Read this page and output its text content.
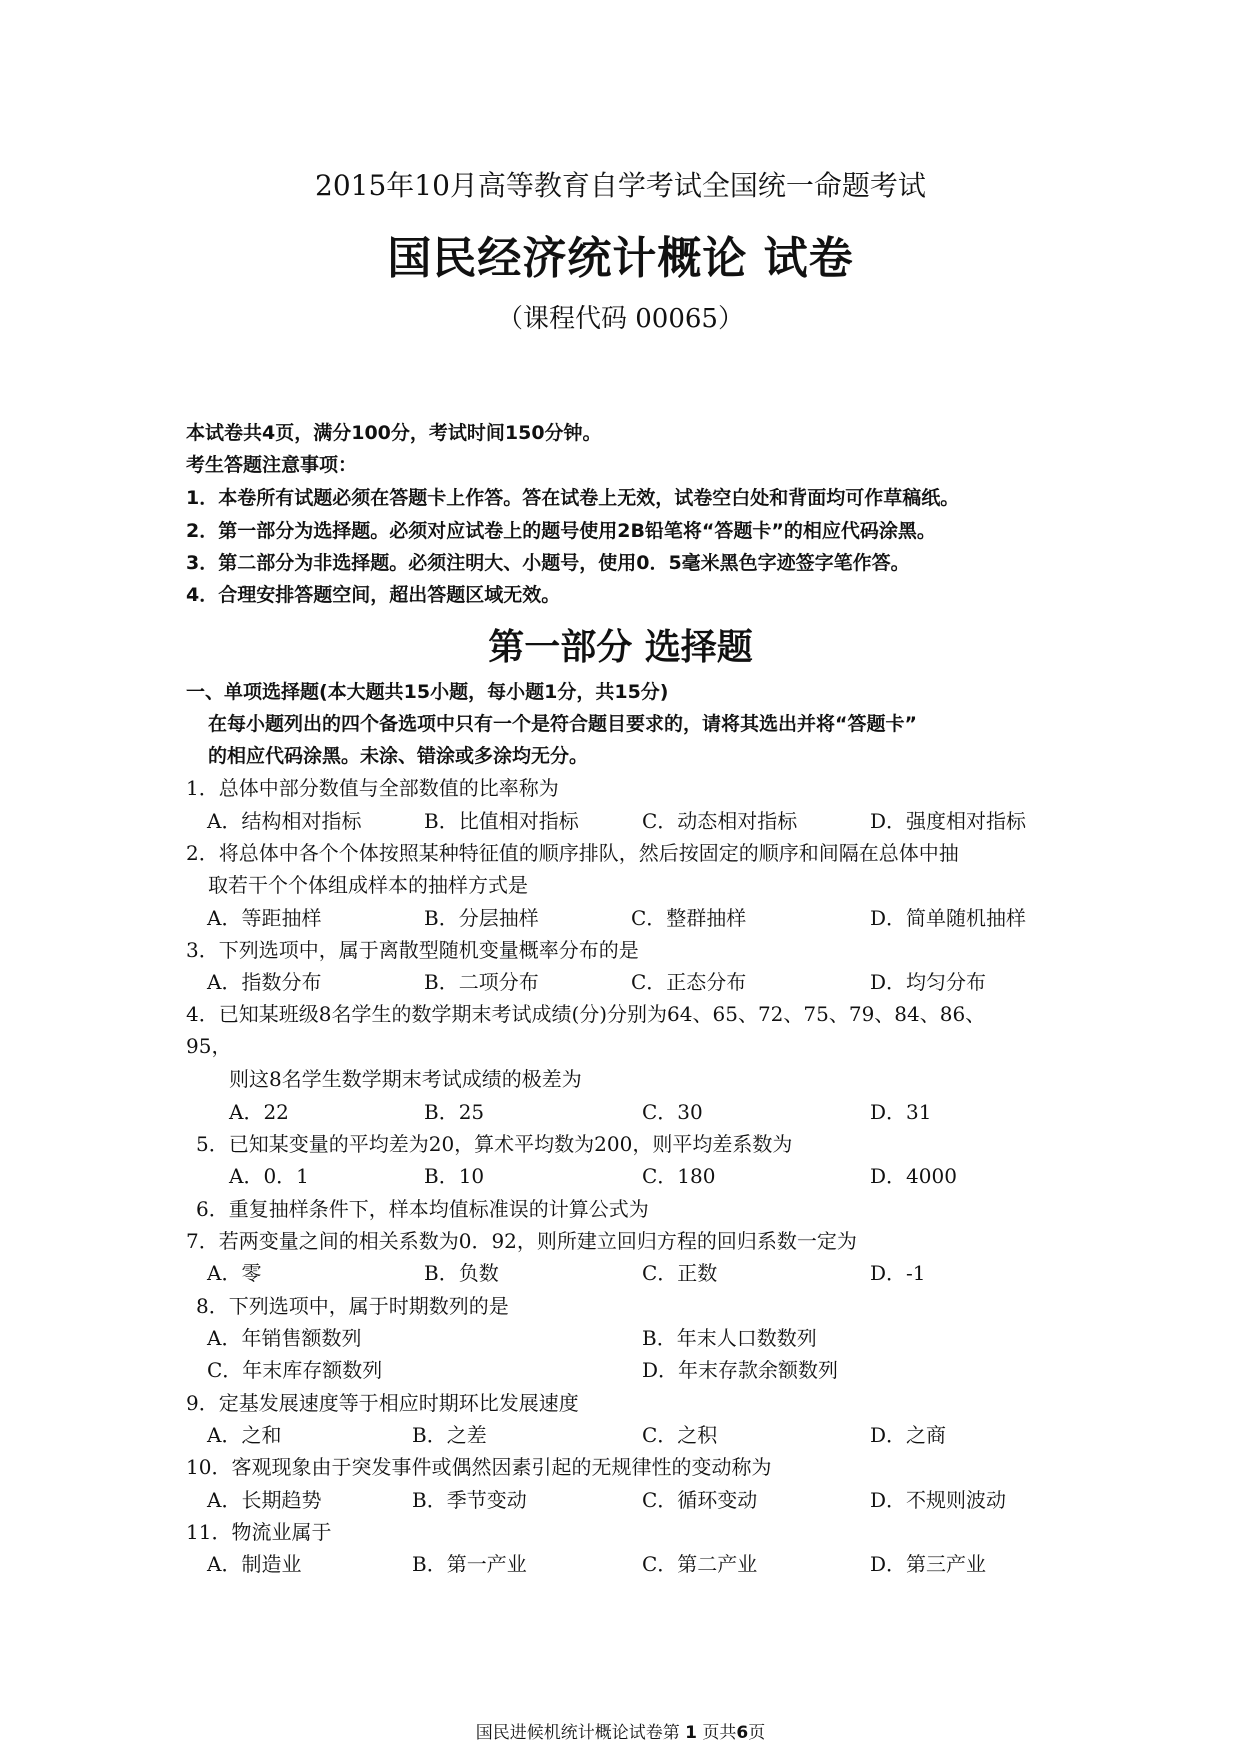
2015年10月高等教育自学考试全国统一命题考试
国民经济统计概论 试卷
（课程代码 00065）
本试卷共4页，满分100分，考试时间150分钟。
考生答题注意事项：
1．本卷所有试题必须在答题卡上作答。答在试卷上无效，试卷空白处和背面均可作草稿纸。
2．第一部分为选择题。必须对应试卷上的题号使用2B铅笔将“答题卡”的相应代码涂黑。
3．第二部分为非选择题。必须注明大、小题号，使用0．5毫米黑色字迹签字笔作答。
4．合理安排答题空间，超出答题区域无效。
第一部分 选择题
一、单项选择题(本大题共15小题，每小题1分，共15分)
在每小题列出的四个备选项中只有一个是符合题目要求的，请将其选出并将“答题卡”
的相应代码涂黑。未涂、错涂或多涂均无分。
1．总体中部分数值与全部数值的比率称为
A．结构相对指标	B．比值相对指标	C．动态相对指标	D．强度相对指标
2．将总体中各个个体按照某种特征值的顺序排队，然后按固定的顺序和间隔在总体中抽
取若干个个体组成样本的抽样方式是
A．等距抽样	B．分层抽样	C．整群抽样	D．简单随机抽样
3．下列选项中，属于离散型随机变量概率分布的是
A．指数分布	B．二项分布	C．正态分布	D．均匀分布
4．已知某班级8名学生的数学期末考试成绩(分)分别为64、65、72、75、79、84、86、
95，
则这8名学生数学期末考试成绩的极差为
A．22	B．25	C．30	D．31
5．已知某变量的平均差为20，算术平均数为200，则平均差系数为
A．0．1	B．10	C．180	D．4000
6．重复抽样条件下，样本均值标准误的计算公式为
7．若两变量之间的相关系数为0．92，则所建立回归方程的回归系数一定为
A．零	B．负数	C．正数	D．-1
8．下列选项中，属于时期数列的是
A．年销售额数列	B．年末人口数数列
C．年末库存额数列	D．年末存款余额数列
9．定基发展速度等于相应时期环比发展速度
A．之和	B．之差	C．之积	D．之商
10．客观现象由于突发事件或偶然因素引起的无规律性的变动称为
A．长期趋势	B．季节变动	C．循环变动	D．不规则波动
11．物流业属于
A．制造业	B．第一产业	C．第二产业	D．第三产业
国民进候机统计概论试卷第 1 页共6页
